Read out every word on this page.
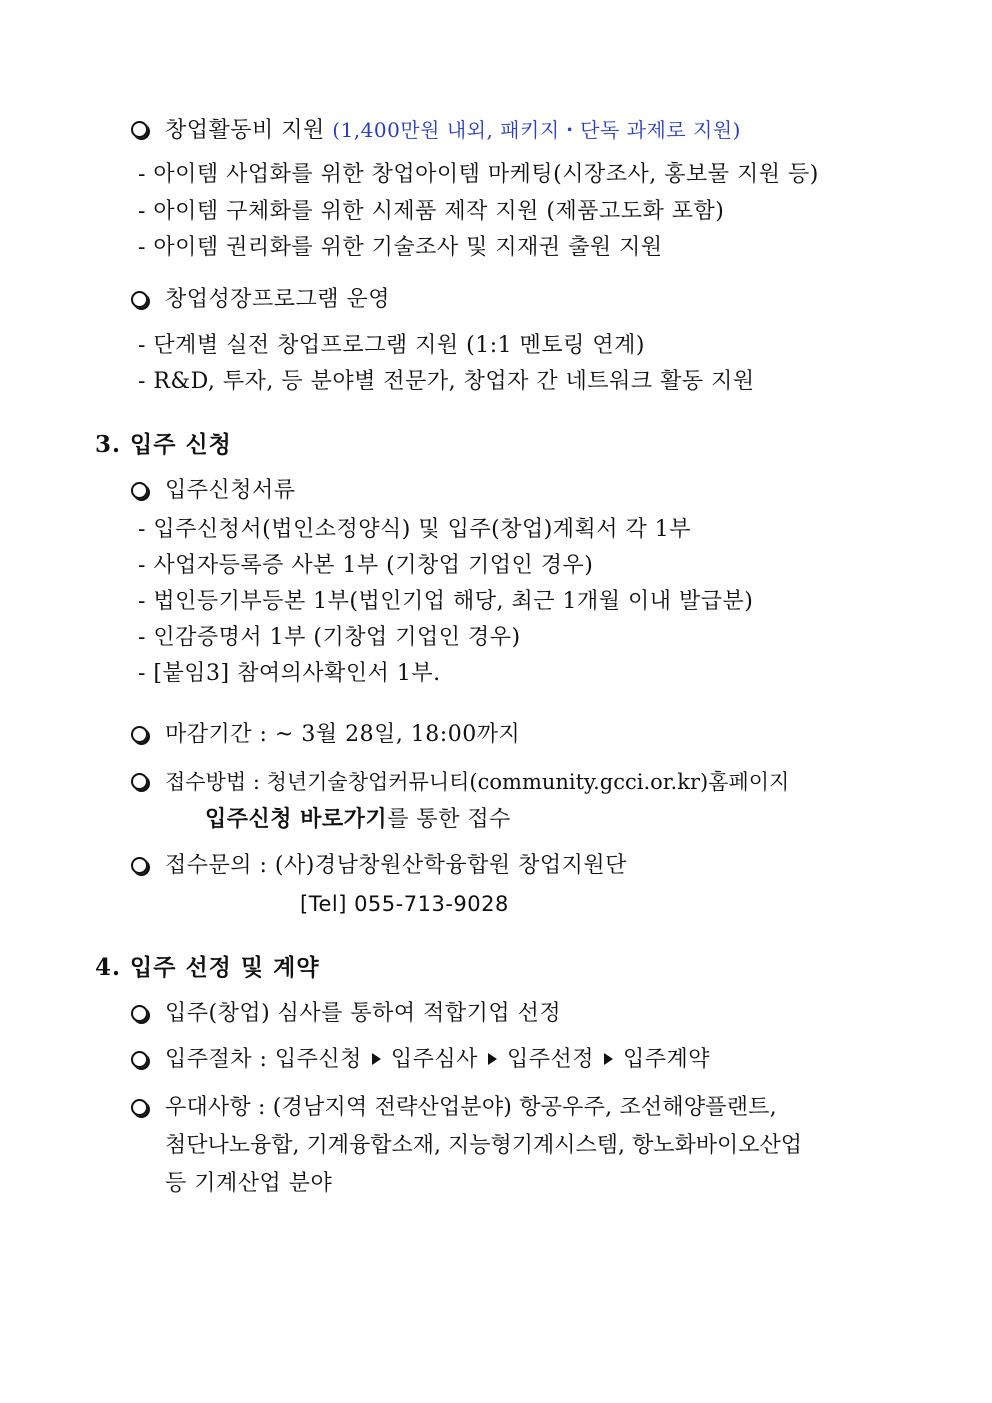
창업활동비 지원 (1,400만원 내외, 패키지・단독 과제로 지원)
- 아이템 사업화를 위한 창업아이템 마케팅(시장조사, 홍보물 지원 등)
- 아이템 구체화를 위한 시제품 제작 지원 (제품고도화 포함)
- 아이템 권리화를 위한 기술조사 및 지재권 출원 지원
창업성장프로그램 운영
- 단계별 실전 창업프로그램 지원 (1:1 멘토링 연계)
- R&D, 투자, 등 분야별 전문가, 창업자 간 네트워크 활동 지원
3. 입주 신청
입주신청서류
- 입주신청서(법인소정양식) 및 입주(창업)계획서 각 1부
- 사업자등록증 사본 1부 (기창업 기업인 경우)
- 법인등기부등본 1부(법인기업 해당, 최근 1개월 이내 발급분)
- 인감증명서 1부 (기창업 기업인 경우)
- [붙임3] 참여의사확인서 1부.
마감기간 : ~ 3월 28일, 18:00까지
접수방법 : 청년기술창업커뮤니티(community.gcci.or.kr)홈페이지
입주신청 바로가기를 통한 접수
접수문의 : (사)경남창원산학융합원 창업지원단
[Tel] 055-713-9028
4. 입주 선정 및 계약
입주(창업) 심사를 통하여 적합기업 선정
입주절차 : 입주신청 입주심사 입주선정 입주계약
우대사항 : (경남지역 전략산업분야) 항공우주, 조선해양플랜트,
첨단나노융합, 기계융합소재, 지능형기계시스템, 항노화바이오산업
등 기계산업 분야
